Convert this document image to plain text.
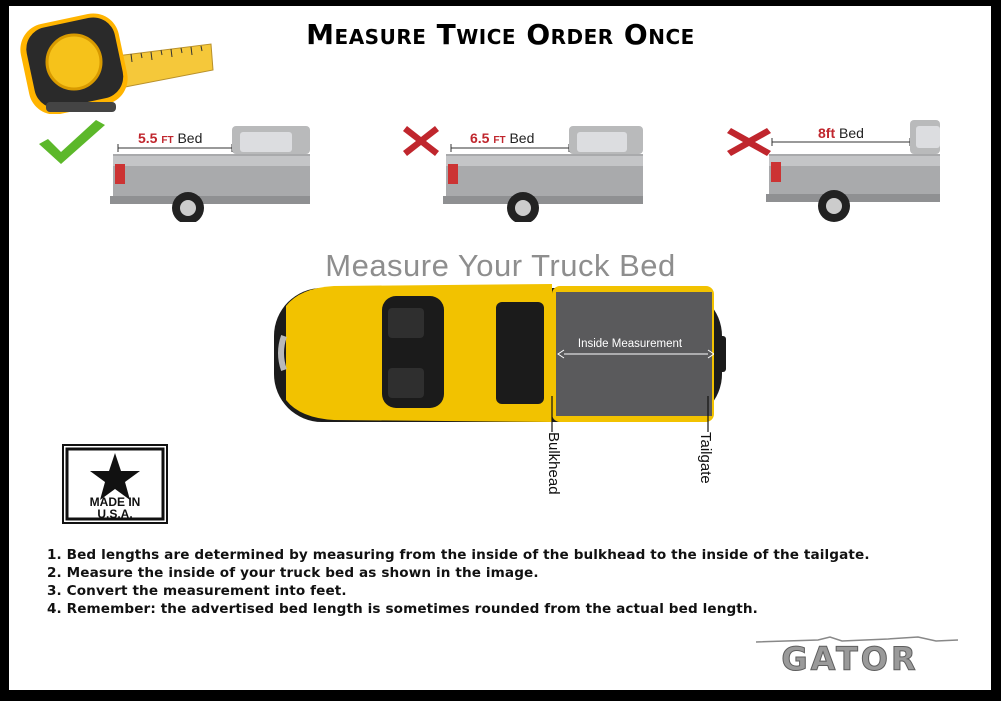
Measure Twice Order Once
5.5 FT Bed	6.5 FT Bed	8ft Bed
Measure Your Truck Bed
Inside Measurement
Bulkhead	Tailgate
MADE IN
U.S.A.
1. Bed lengths are determined by measuring from the inside of the bulkhead to the inside of the tailgate.
2. Measure the inside of your truck bed as shown in the image.
3. Convert the measurement into feet.
4. Remember: the advertised bed length is sometimes rounded from the actual bed length.
GATOR
